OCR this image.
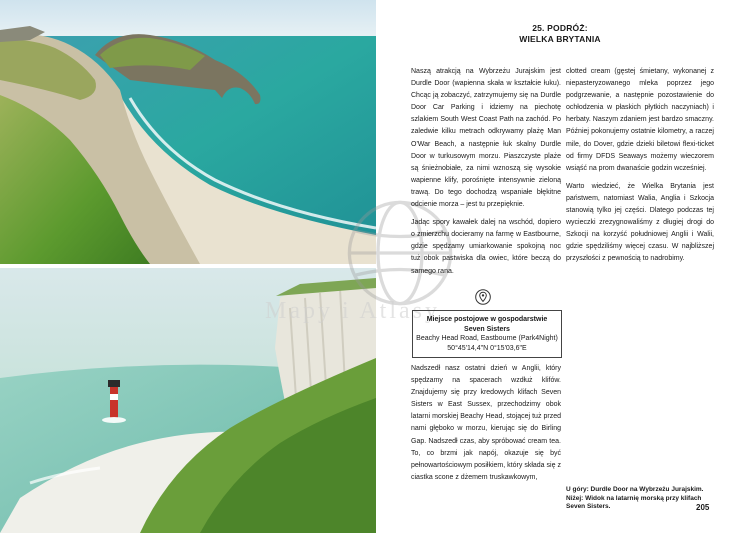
Mapy i Atlasy
25. PODRÓŻ:
WIELKA BRYTANIA

Naszą atrakcją na Wybrzeżu Jurajskim jest Durdle Door (wapienna skała w kształcie łuku). Chcąc ją zobaczyć, zatrzymujemy się na Durdle Door Car Parking i idziemy na piechotę szlakiem South West Coast Path na zachód. Po zaledwie kilku metrach odkrywamy plażę Man O'War Beach, a następnie łuk skalny Durdle Door w turkusowym morzu. Piaszczyste plaże są śnieżnobiałe, za nimi wznoszą się wysokie wapienne klify, porośnięte intensywnie zieloną trawą. Do tego dochodzą wspaniałe błękitne odcienie morza – jest tu przepięknie.

Jadąc spory kawałek dalej na wschód, dopiero o zmierzchu docieramy na farmę w Eastbourne, gdzie spędzamy umiarkowanie spokojną noc tuż obok pastwiska dla owiec, które beczą do samego rana.

Miejsce postojowe w gospodarstwie
Seven Sisters
Beachy Head Road, Eastbourne (Park4Night)
50°45'14,4"N 0°15'03,6"E

Nadszedł nasz ostatni dzień w Anglii, który spędzamy na spacerach wzdłuż klifów. Znajdujemy się przy kredowych klifach Seven Sisters w East Sussex, przechodzimy obok latarni morskiej Beachy Head, stojącej tuż przed nami głęboko w morzu, kierując się do Birling Gap. Nadszedł czas, aby spróbować cream tea. To, co brzmi jak napój, okazuje się być pełnowartościowym posiłkiem, który składa się z ciastka scone z dżemem truskawkowym,

clotted cream (gęstej śmietany, wykonanej z niepasteryzowanego mleka poprzez jego podgrzewanie, a następnie pozostawienie do ochłodzenia w płaskich płytkich naczyniach) i herbaty. Naszym zdaniem jest bardzo smaczny. Później pokonujemy ostatnie kilometry, a raczej mile, do Dover, gdzie dzieki biletowi flexi-ticket od firmy DFDS Seaways możemy wieczorem wsiąść na prom dwanaście godzin wcześniej.

Warto wiedzieć, że Wielka Brytania jest państwem, natomiast Walia, Anglia i Szkocja stanowią tylko jej części. Dlatego podczas tej wycieczki zrezygnowaliśmy z długiej drogi do Szkocji na korzyść południowej Anglii i Walii, gdzie spędziliśmy więcej czasu. W najbliższej przyszłości z pewnością to nadrobimy.

U góry: Durdle Door na Wybrzeżu Jurajskim.
Niżej: Widok na latarnię morską przy klifach Seven Sisters.	205
